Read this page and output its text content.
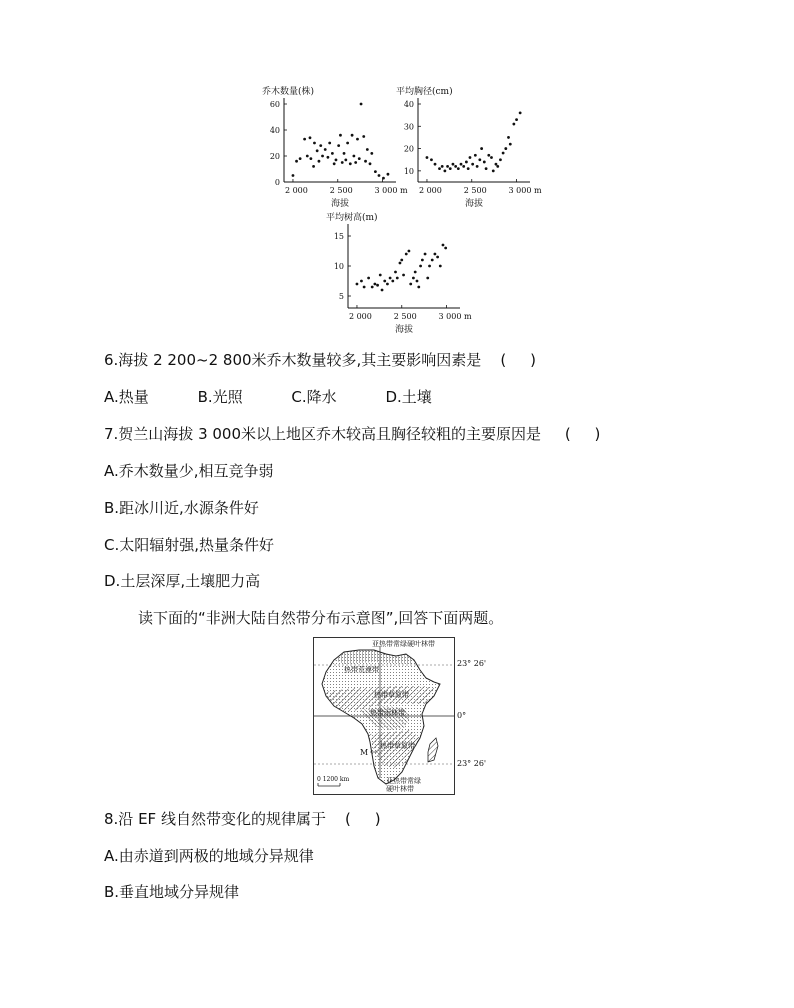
乔木数量(株)
海拔
0
20
40
60
2 000	2 500	3 000 m
平均胸径(cm)
海拔
10
20
30
40
2 000	2 500	3 000 m
平均树高(m)
海拔
5
10
15
2 000	2 500	3 000 m
6.海拔 2 200~2 800米乔木数量较多,其主要影响因素是    (     )
A.热量	B.光照	C.降水	D.土壤
7.贺兰山海拔 3 000米以上地区乔木较高且胸径较粗的主要原因是     (     )
A.乔木数量少,相互竞争弱
B.距冰川近,水源条件好
C.太阳辐射强,热量条件好
D.土层深厚,土壤肥力高
读下面的“非洲大陆自然带分布示意图”,回答下面两题。
亚热带常绿硬叶林带
热带荒漠带
热带草原带
热带雨林带
热带草原带
M
亚热带常绿
硬叶林带
0 1200 km
23° 26'
0°
23° 26'
8.沿 EF 线自然带变化的规律属于    (     )
A.由赤道到两极的地域分异规律
B.垂直地域分异规律
